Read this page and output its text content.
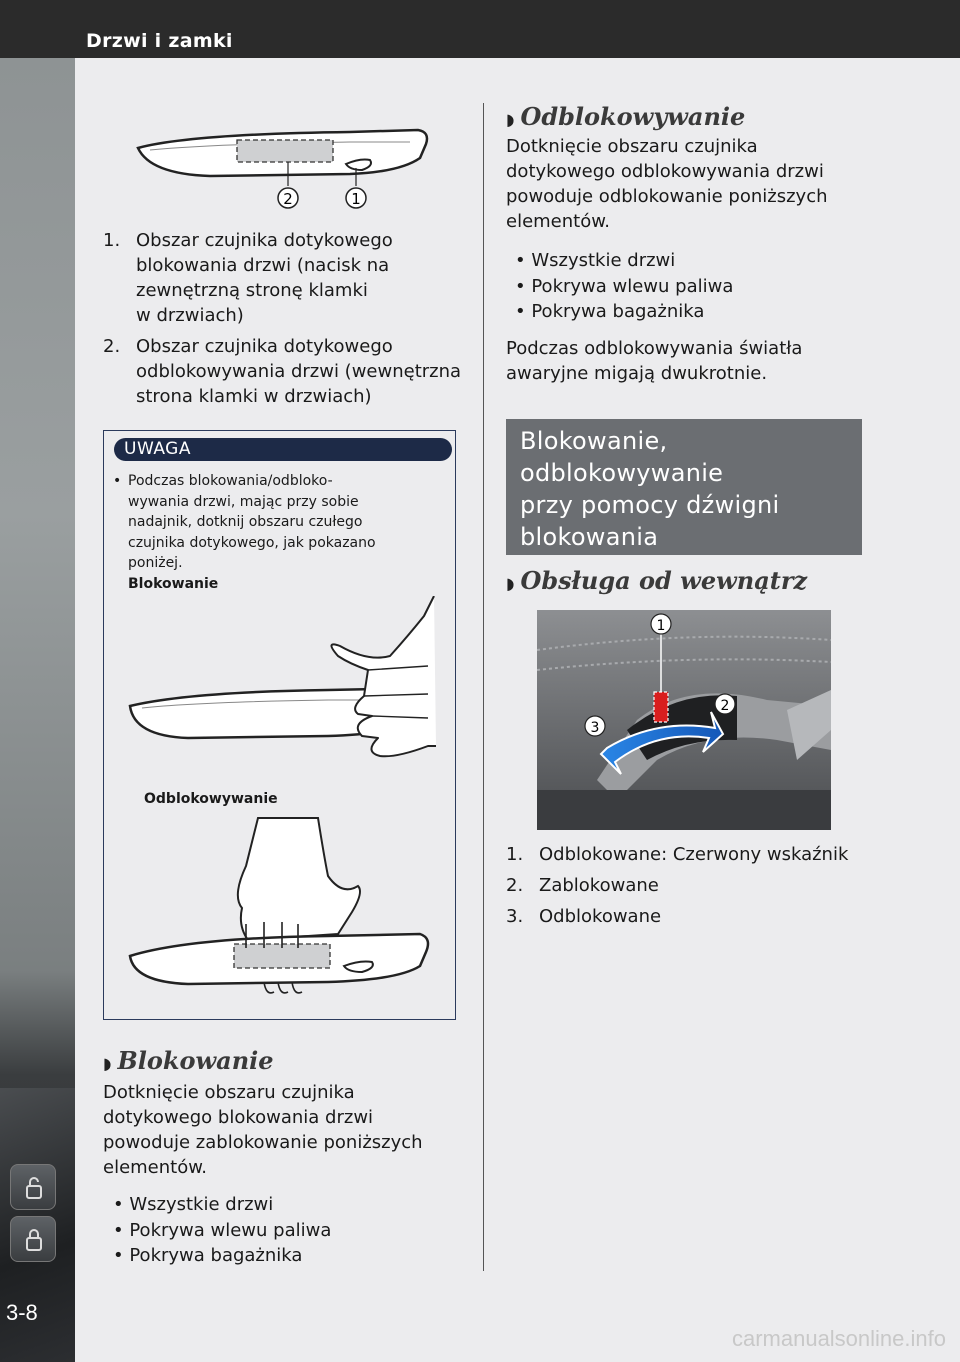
Drzwi i zamki
3-8
2	1
1. Obszar czujnika dotykowego
blokowania drzwi (nacisk na
zewnętrzną stronę klamki
w drzwiach)
2. Obszar czujnika dotykowego
odblokowywania drzwi (wewnętrzna
strona klamki w drzwiach)
UWAGA
• Podczas blokowania/odbloko-
wywania drzwi, mając przy sobie
nadajnik, dotknij obszaru czułego
czujnika dotykowego, jak pokazano
poniżej.
Blokowanie
Odblokowywanie
◗ Blokowanie
Dotknięcie obszaru czujnika
dotykowego blokowania drzwi
powoduje zablokowanie poniższych
elementów.
• Wszystkie drzwi
• Pokrywa wlewu paliwa
• Pokrywa bagażnika
◗ Odblokowywanie
Dotknięcie obszaru czujnika
dotykowego odblokowywania drzwi
powoduje odblokowanie poniższych
elementów.
• Wszystkie drzwi
• Pokrywa wlewu paliwa
• Pokrywa bagażnika
Podczas odblokowywania światła
awaryjne migają dwukrotnie.
Blokowanie,
odblokowywanie
przy pomocy dźwigni
blokowania
◗ Obsługa od wewnątrz
1
2
3
1. Odblokowane: Czerwony wskaźnik
2. Zablokowane
3. Odblokowane
carmanualsonline.info
